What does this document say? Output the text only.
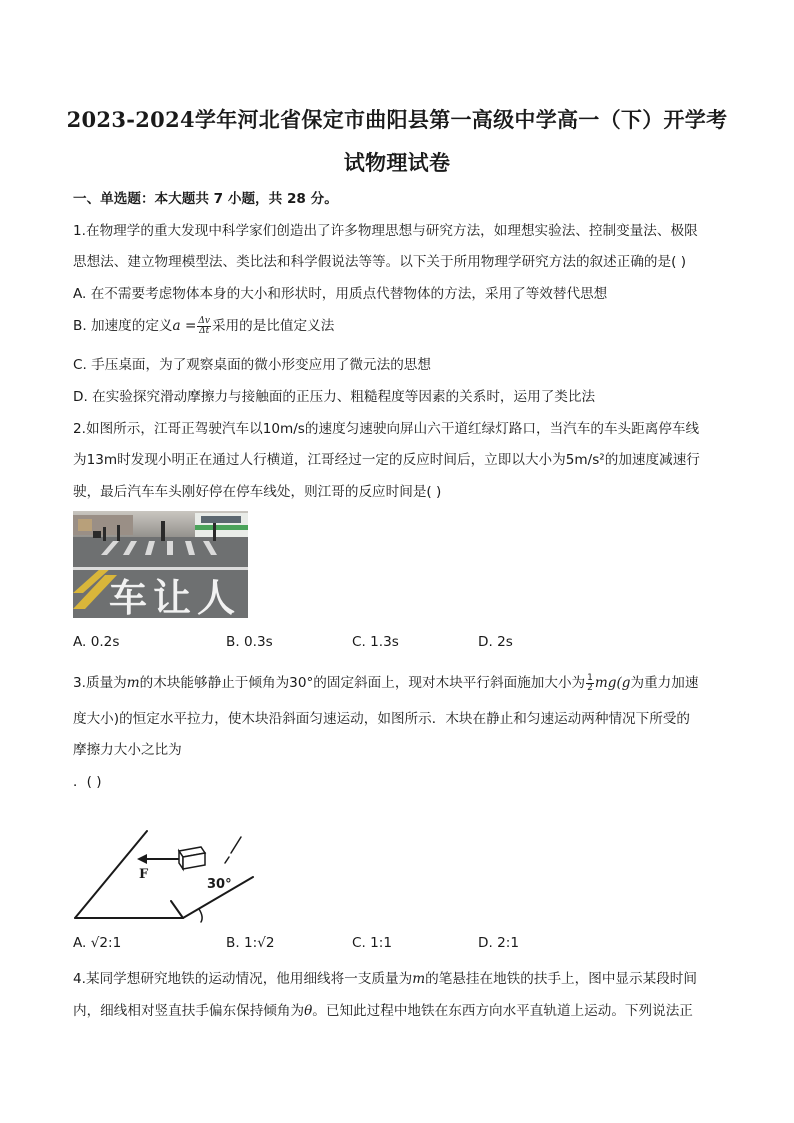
2023-2024学年河北省保定市曲阳县第一高级中学高一（下）开学考
试物理试卷
一、单选题：本大题共 7 小题，共 28 分。
1.在物理学的重大发现中科学家们创造出了许多物理思想与研究方法，如理想实验法、控制变量法、极限
思想法、建立物理模型法、类比法和科学假说法等等。以下关于所用物理学研究方法的叙述正确的是( )
A. 在不需要考虑物体本身的大小和形状时，用质点代替物体的方法，采用了等效替代思想
B. 加速度的定义$a = \frac{\Delta v}{\Delta t}$ 采用的是比值定义法
C. 手压桌面，为了观察桌面的微小形变应用了微元法的思想
D. 在实验探究滑动摩擦力与接触面的正压力、粗糙程度等因素的关系时，运用了类比法
2.如图所示，江哥正驾驶汽车以10m/s的速度匀速驶向屏山六干道红绿灯路口，当汽车的车头距离停车线
为13m时发现小明正在通过人行横道，江哥经过一定的反应时间后，立即以大小为5m/s²的加速度减速行
驶，最后汽车车头刚好停在停车线处，则江哥的反应时间是( )
车让人
A. 0.2s	B. 0.3s	C. 1.3s	D. 2s
3.质量为m的木块能够静止于倾角为30°的固定斜面上，现对木块平行斜面施加大小为 $\frac{1}{2} mg(g$为重力加速
度大小)的恒定水平拉力，使木块沿斜面匀速运动，如图所示．木块在静止和匀速运动两种情况下所受的
摩擦力大小之比为
．( )
F
30°
A. √2:1	B. 1:√2	C. 1:1	D. 2:1
4.某同学想研究地铁的运动情况，他用细线将一支质量为m的笔悬挂在地铁的扶手上，图中显示某段时间
内，细线相对竖直扶手偏东保持倾角为θ。已知此过程中地铁在东西方向水平直轨道上运动。下列说法正
